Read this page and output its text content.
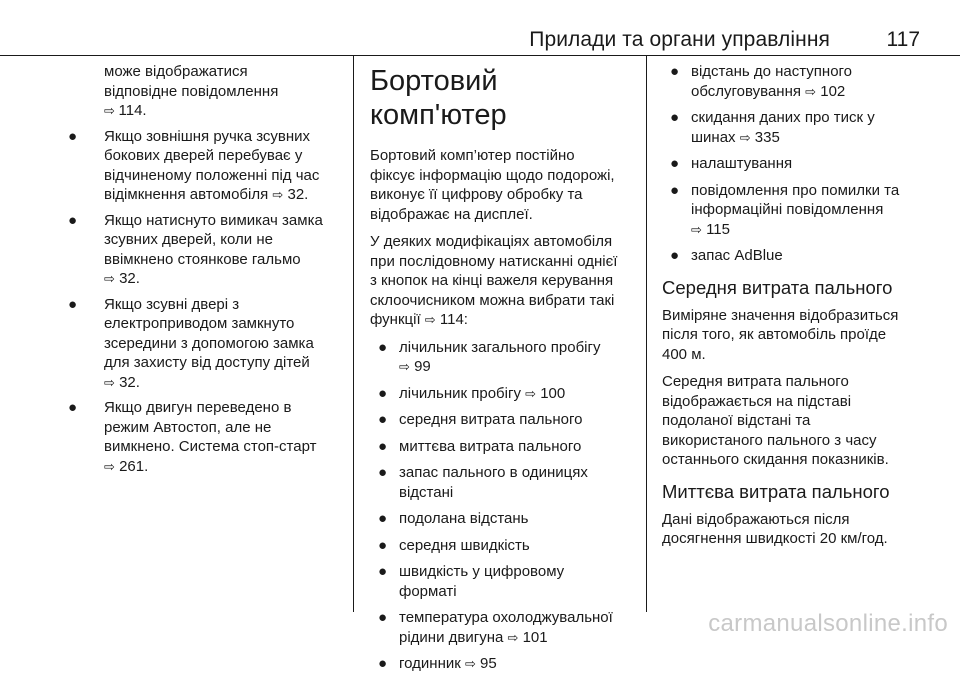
Прилади та органи управління	117
може відображатися
відповідне повідомлення
⇨ 114.
● Якщо зовнішня ручка зсувних
бокових дверей перебуває у
відчиненому положенні під час
відімкнення автомобіля ⇨ 32.
● Якщо натиснуто вимикач замка
зсувних дверей, коли не
ввімкнено стоянкове гальмо
⇨ 32.
● Якщо зсувні двері з
електроприводом замкнуто
зсередини з допомогою замка
для захисту від доступу дітей
⇨ 32.
● Якщо двигун переведено в
режим Автостоп, але не
вимкнено. Система стоп-старт
⇨ 261.
Бортовий комп'ютер

Бортовий комп’ютер постійно
фіксує інформацію щодо подорожі,
виконує її цифрову обробку та
відображає на дисплеї.

У деяких модифікаціях автомобіля
при послідовному натисканні однієї
з кнопок на кінці важеля керування
склоочисником можна вибрати такі
функції ⇨ 114:

● лічильник загального пробігу
⇨ 99
● лічильник пробігу ⇨ 100
● середня витрата пального
● миттєва витрата пального
● запас пального в одиницях
відстані
● подолана відстань
● середня швидкість
● швидкість у цифровому
форматі
● температура охолоджувальної
рідини двигуна ⇨ 101
● годинник ⇨ 95
● відстань до наступного
обслуговування ⇨ 102
● скидання даних про тиск у
шинах ⇨ 335
● налаштування
● повідомлення про помилки та
інформаційні повідомлення
⇨ 115
● запас AdBlue
Середня витрата пального

Виміряне значення відобразиться
після того, як автомобіль проїде
400 м.

Середня витрата пального
відображається на підставі
подоланої відстані та
використаного пального з часу
останнього скидання показників.

Миттєва витрата пального

Дані відображаються після
досягнення швидкості 20 км/год.

carmanualsonline.info
